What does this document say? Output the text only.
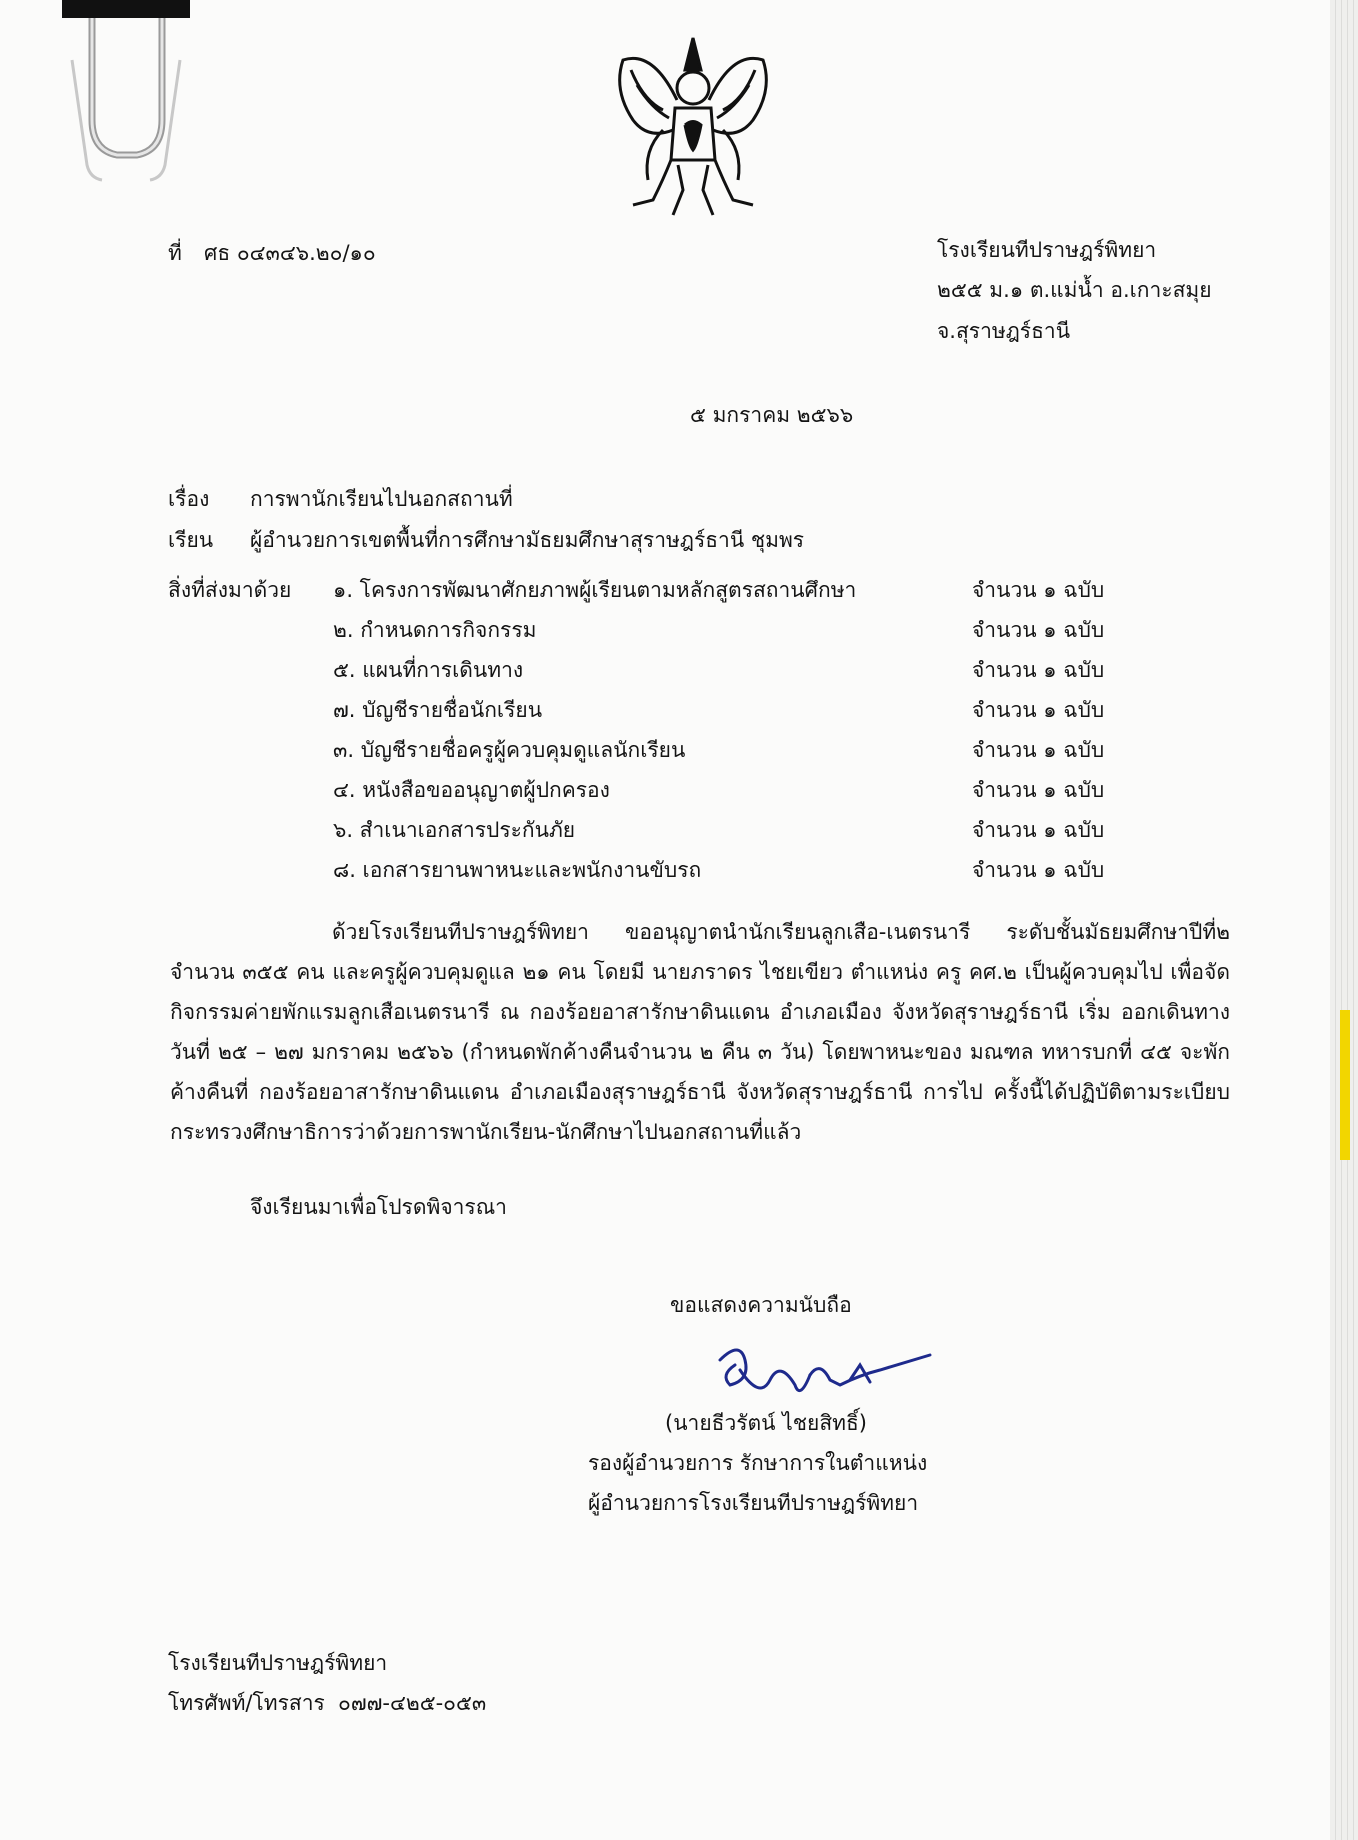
ที่ ศธ ๐๔๓๔๖.๒๐/๑๐	โรงเรียนทีปราษฎร์พิทยา
๒๕๕ ม.๑ ต.แม่น้ำ อ.เกาะสมุย
จ.สุราษฎร์ธานี
๕ มกราคม ๒๕๖๖
เรื่อง การพานักเรียนไปนอกสถานที่
เรียน ผู้อำนวยการเขตพื้นที่การศึกษามัธยมศึกษาสุราษฎร์ธานี ชุมพร
สิ่งที่ส่งมาด้วย ๑. โครงการพัฒนาศักยภาพผู้เรียนตามหลักสูตรสถานศึกษา	จำนวน ๑ ฉบับ
๒. กำหนดการกิจกรรม	จำนวน ๑ ฉบับ
๕. แผนที่การเดินทาง	จำนวน ๑ ฉบับ
๗. บัญชีรายชื่อนักเรียน	จำนวน ๑ ฉบับ
๓. บัญชีรายชื่อครูผู้ควบคุมดูแลนักเรียน	จำนวน ๑ ฉบับ
๔. หนังสือขออนุญาตผู้ปกครอง	จำนวน ๑ ฉบับ
๖. สำเนาเอกสารประกันภัย	จำนวน ๑ ฉบับ
๘. เอกสารยานพาหนะและพนักงานขับรถ	จำนวน ๑ ฉบับ
ด้วยโรงเรียนทีปราษฎร์พิทยา ขออนุญาตนำนักเรียนลูกเสือ-เนตรนารี ระดับชั้นมัธยมศึกษาปีที่๒ จำนวน ๓๕๕ คน และครูผู้ควบคุมดูแล ๒๑ คน โดยมี นายภราดร ไชยเขียว ตำแหน่ง ครู คศ.๒ เป็นผู้ควบคุมไป เพื่อจัดกิจกรรมค่ายพักแรมลูกเสือเนตรนารี ณ กองร้อยอาสารักษาดินแดน อำเภอเมือง จังหวัดสุราษฎร์ธานี เริ่ม ออกเดินทางวันที่ ๒๕ – ๒๗ มกราคม ๒๕๖๖ (กำหนดพักค้างคืนจำนวน ๒ คืน ๓ วัน) โดยพาหนะของ มณฑล ทหารบกที่ ๔๕ จะพักค้างคืนที่ กองร้อยอาสารักษาดินแดน อำเภอเมืองสุราษฎร์ธานี จังหวัดสุราษฎร์ธานี การไป ครั้งนี้ได้ปฏิบัติตามระเบียบกระทรวงศึกษาธิการว่าด้วยการพานักเรียน-นักศึกษาไปนอกสถานที่แล้ว
จึงเรียนมาเพื่อโปรดพิจารณา
ขอแสดงความนับถือ
(นายธีวรัตน์ ไชยสิทธิ์)
รองผู้อำนวยการ รักษาการในตำแหน่ง
ผู้อำนวยการโรงเรียนทีปราษฎร์พิทยา
โรงเรียนทีปราษฎร์พิทยา
โทรศัพท์/โทรสาร ๐๗๗-๔๒๕-๐๕๓
